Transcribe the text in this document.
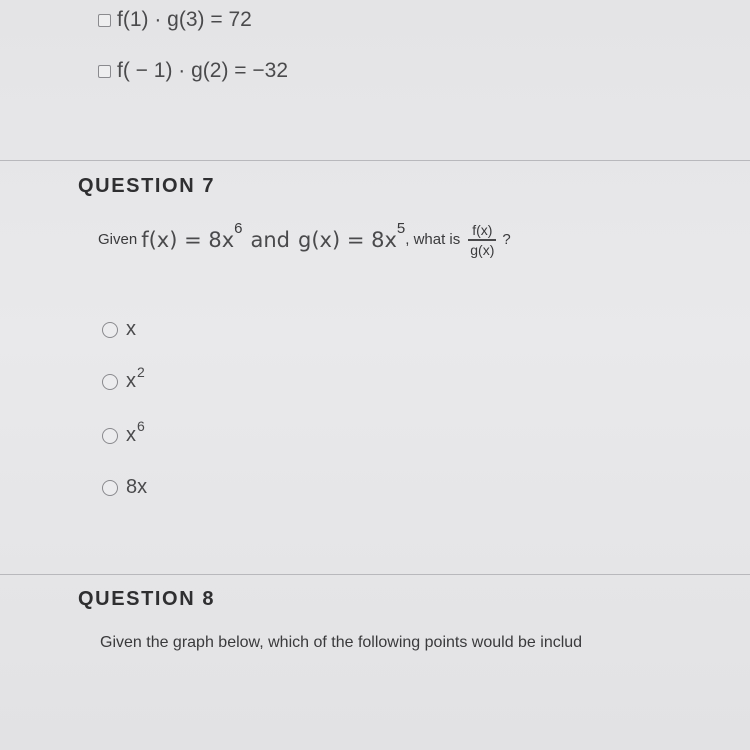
f(1) · g(3) = 72
f( − 1) · g(2) = −32
QUESTION 7
Given f(x) = 8x 6 and g(x) = 8x 5
, what is $\frac{f(x)}{g(x)}$ ?
x
x 2
x 6
8x
QUESTION 8
Given the graph below, which of the following points would be includ
